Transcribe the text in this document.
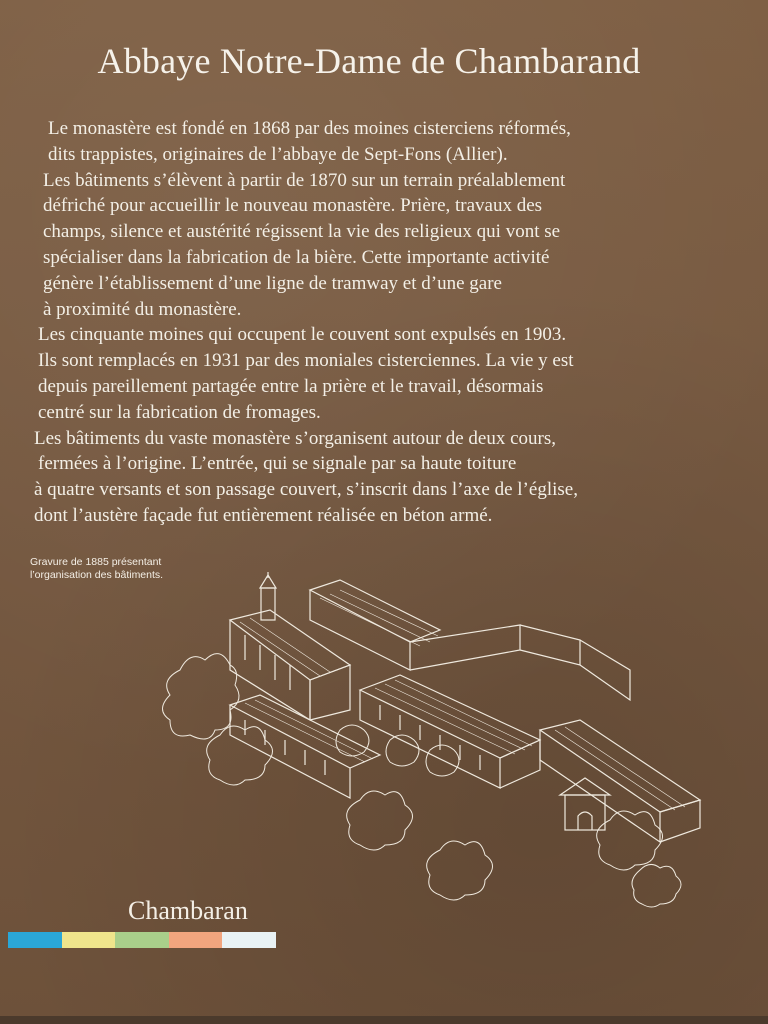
Abbaye Notre-Dame de Chambarand
Le monastère est fondé en 1868 par des moines cisterciens réformés,
dits trappistes, originaires de l’abbaye de Sept-Fons (Allier).
Les bâtiments s’élèvent à partir de 1870 sur un terrain préalablement
défriché pour accueillir le nouveau monastère. Prière, travaux des
champs, silence et austérité régissent la vie des religieux qui vont se
spécialiser dans la fabrication de la bière. Cette importante activité
génère l’établissement d’une ligne de tramway et d’une gare
à proximité du monastère.
Les cinquante moines qui occupent le couvent sont expulsés en 1903.
Ils sont remplacés en 1931 par des moniales cisterciennes. La vie y est
depuis pareillement partagée entre la prière et le travail, désormais
centré sur la fabrication de fromages.
Les bâtiments du vaste monastère s’organisent autour de deux cours,
fermées à l’origine. L’entrée, qui se signale par sa haute toiture
à quatre versants et son passage couvert, s’inscrit dans l’axe de l’église,
dont l’austère façade fut entièrement réalisée en béton armé.
Gravure de 1885 présentant
l’organisation des bâtiments.
Chambaran
